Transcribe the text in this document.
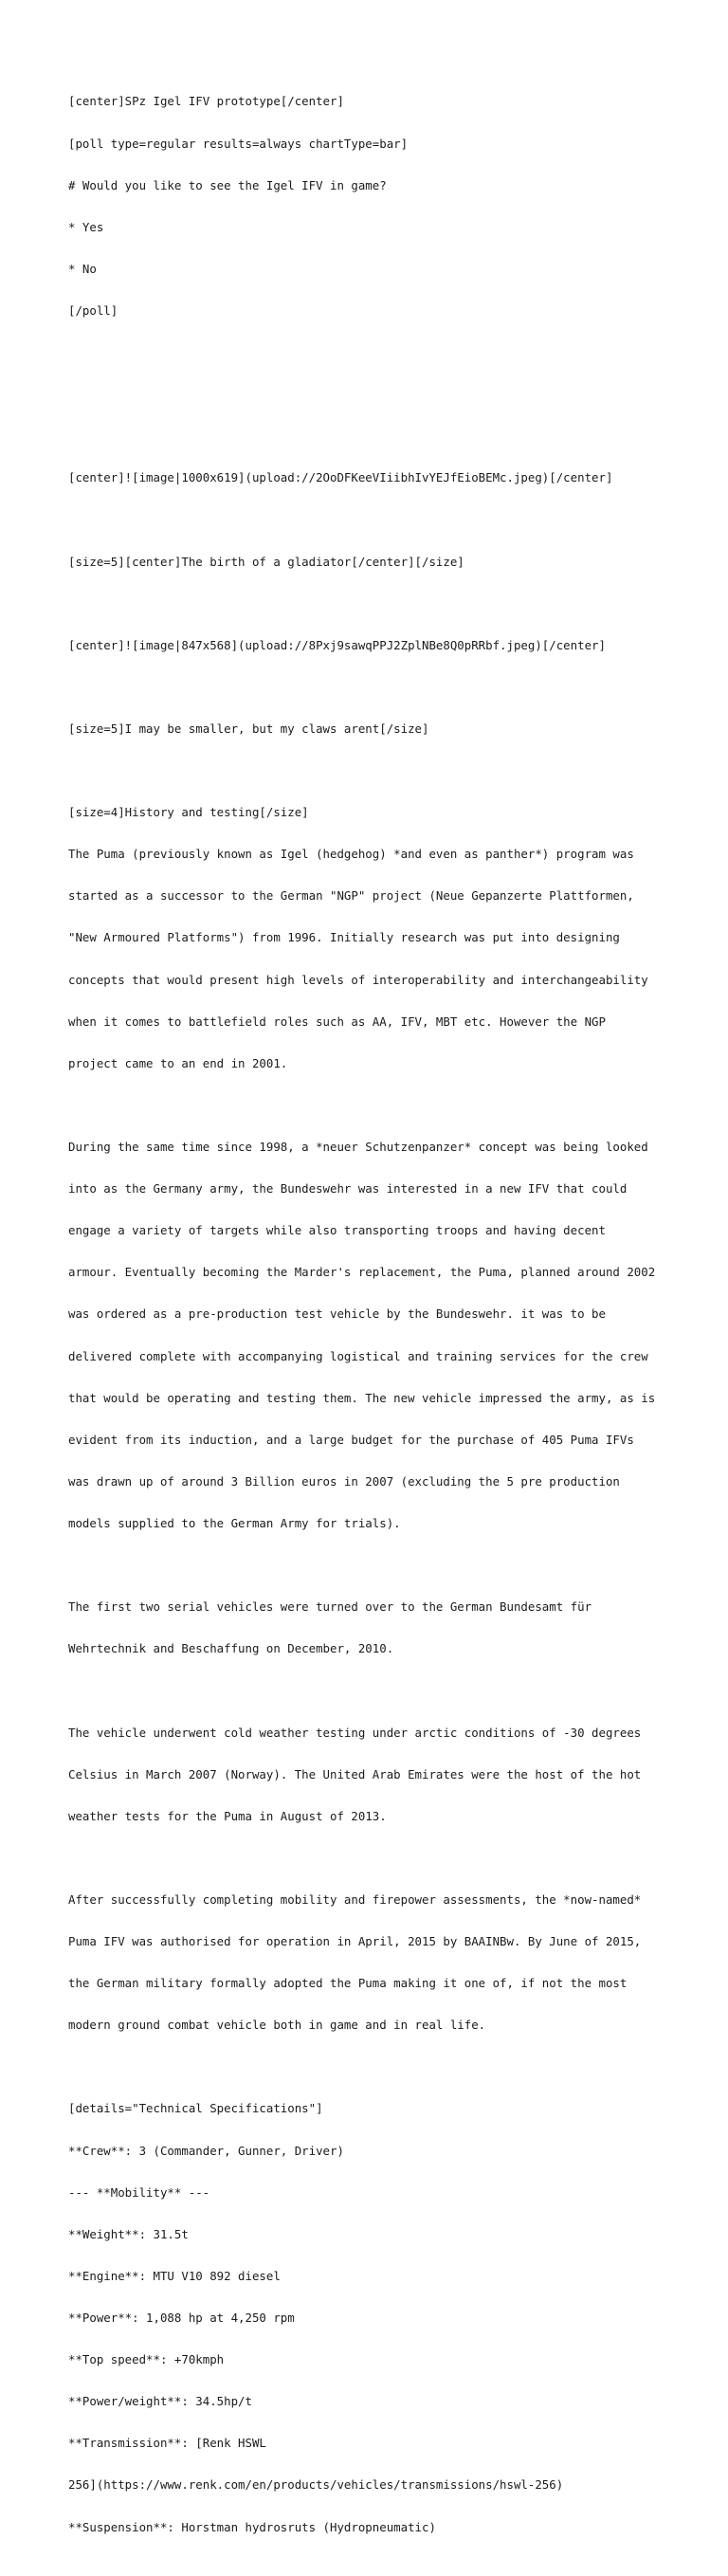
[center]SPz Igel IFV prototype[/center]

[poll type=regular results=always chartType=bar]

# Would you like to see the Igel IFV in game?

* Yes

* No

[/poll]

[center]![image|1000x619](upload://2OoDFKeeVIiibhIvYEJfEioBEMc.jpeg)[/center]

[size=5][center]The birth of a gladiator[/center][/size]

[center]![image|847x568](upload://8Pxj9sawqPPJ2ZplNBe8Q0pRRbf.jpeg)[/center]

[size=5]I may be smaller, but my claws arent[/size]

[size=4]History and testing[/size]

The Puma (previously known as Igel (hedgehog) *and even as panther*) program was

started as a successor to the German "NGP" project (Neue Gepanzerte Plattformen,

"New Armoured Platforms") from 1996. Initially research was put into designing

concepts that would present high levels of interoperability and interchangeability

when it comes to battlefield roles such as AA, IFV, MBT etc. However the NGP

project came to an end in 2001.

During the same time since 1998, a *neuer Schutzenpanzer* concept was being looked

into as the Germany army, the Bundeswehr was interested in a new IFV that could

engage a variety of targets while also transporting troops and having decent

armour. Eventually becoming the Marder's replacement, the Puma, planned around 2002

was ordered as a pre-production test vehicle by the Bundeswehr. it was to be

delivered complete with accompanying logistical and training services for the crew

that would be operating and testing them. The new vehicle impressed the army, as is

evident from its induction, and a large budget for the purchase of 405 Puma IFVs

was drawn up of around 3 Billion euros in 2007 (excluding the 5 pre production

models supplied to the German Army for trials).

The first two serial vehicles were turned over to the German Bundesamt für

Wehrtechnik and Beschaffung on December, 2010.

The vehicle underwent cold weather testing under arctic conditions of -30 degrees

Celsius in March 2007 (Norway). The United Arab Emirates were the host of the hot

weather tests for the Puma in August of 2013.

After successfully completing mobility and firepower assessments, the *now-named*

Puma IFV was authorised for operation in April, 2015 by BAAINBw. By June of 2015,

the German military formally adopted the Puma making it one of, if not the most

modern ground combat vehicle both in game and in real life.

[details="Technical Specifications"]

**Crew**: 3 (Commander, Gunner, Driver)

--- **Mobility** ---

**Weight**: 31.5t

**Engine**: MTU V10 892 diesel

**Power**: 1,088 hp at 4,250 rpm

**Top speed**: +70kmph

**Power/weight**: 34.5hp/t

**Transmission**: [Renk HSWL

256](https://www.renk.com/en/products/vehicles/transmissions/hswl-256)

**Suspension**: Horstman hydrosruts (Hydropneumatic)
